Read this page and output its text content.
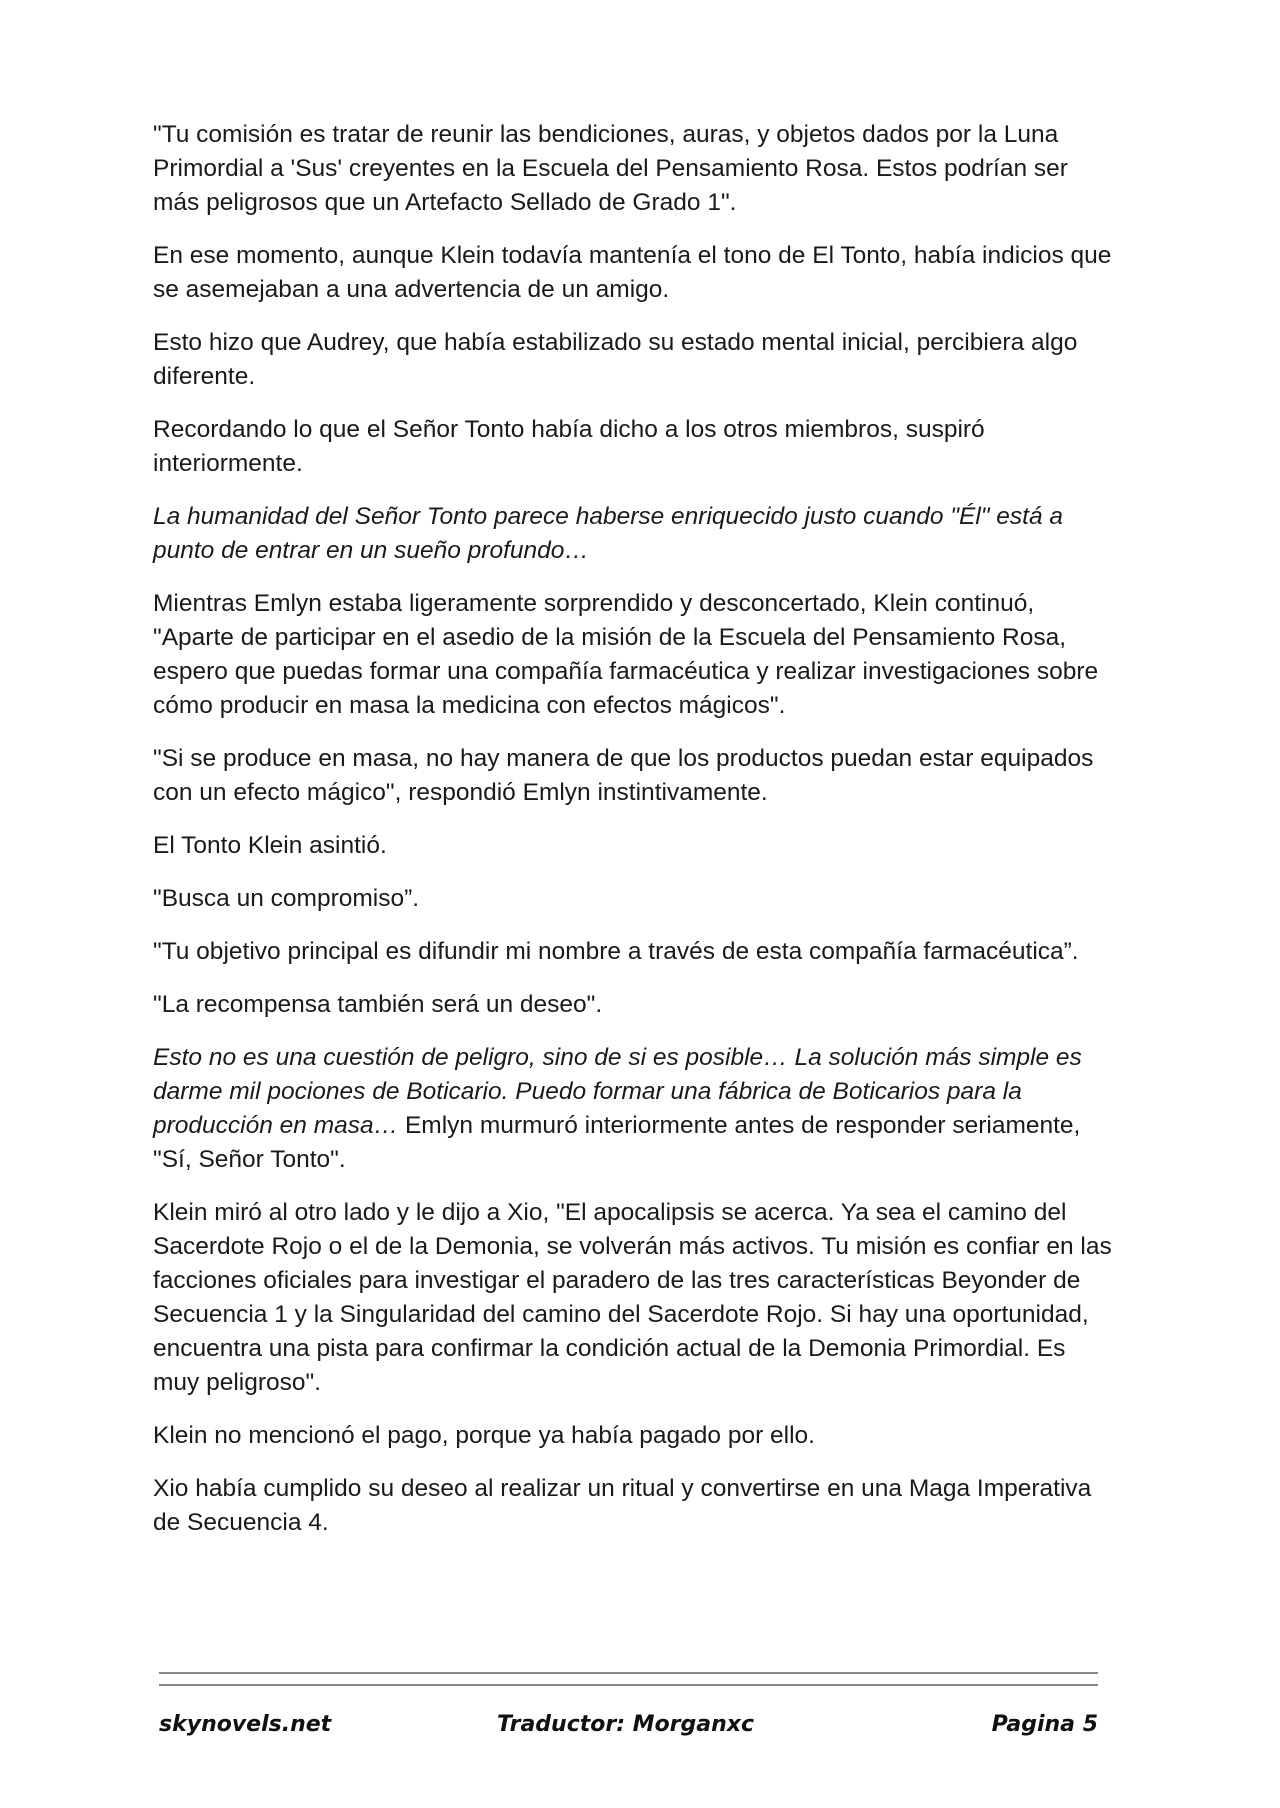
"Tu comisión es tratar de reunir las bendiciones, auras, y objetos dados por la Luna Primordial a 'Sus' creyentes en la Escuela del Pensamiento Rosa. Estos podrían ser más peligrosos que un Artefacto Sellado de Grado 1".

En ese momento, aunque Klein todavía mantenía el tono de El Tonto, había indicios que se asemejaban a una advertencia de un amigo.

Esto hizo que Audrey, que había estabilizado su estado mental inicial, percibiera algo diferente.

Recordando lo que el Señor Tonto había dicho a los otros miembros, suspiró interiormente.

La humanidad del Señor Tonto parece haberse enriquecido justo cuando "Él" está a punto de entrar en un sueño profundo…

Mientras Emlyn estaba ligeramente sorprendido y desconcertado, Klein continuó, "Aparte de participar en el asedio de la misión de la Escuela del Pensamiento Rosa, espero que puedas formar una compañía farmacéutica y realizar investigaciones sobre cómo producir en masa la medicina con efectos mágicos".

"Si se produce en masa, no hay manera de que los productos puedan estar equipados con un efecto mágico", respondió Emlyn instintivamente.

El Tonto Klein asintió.

"Busca un compromiso”.

"Tu objetivo principal es difundir mi nombre a través de esta compañía farmacéutica”.

"La recompensa también será un deseo".

Esto no es una cuestión de peligro, sino de si es posible… La solución más simple es darme mil pociones de Boticario. Puedo formar una fábrica de Boticarios para la producción en masa… Emlyn murmuró interiormente antes de responder seriamente, "Sí, Señor Tonto".

Klein miró al otro lado y le dijo a Xio, "El apocalipsis se acerca. Ya sea el camino del Sacerdote Rojo o el de la Demonia, se volverán más activos. Tu misión es confiar en las facciones oficiales para investigar el paradero de las tres características Beyonder de Secuencia 1 y la Singularidad del camino del Sacerdote Rojo. Si hay una oportunidad, encuentra una pista para confirmar la condición actual de la Demonia Primordial. Es muy peligroso".

Klein no mencionó el pago, porque ya había pagado por ello.

Xio había cumplido su deseo al realizar un ritual y convertirse en una Maga Imperativa de Secuencia 4.

skynovels.net	Traductor: Morganxc	Pagina 5
